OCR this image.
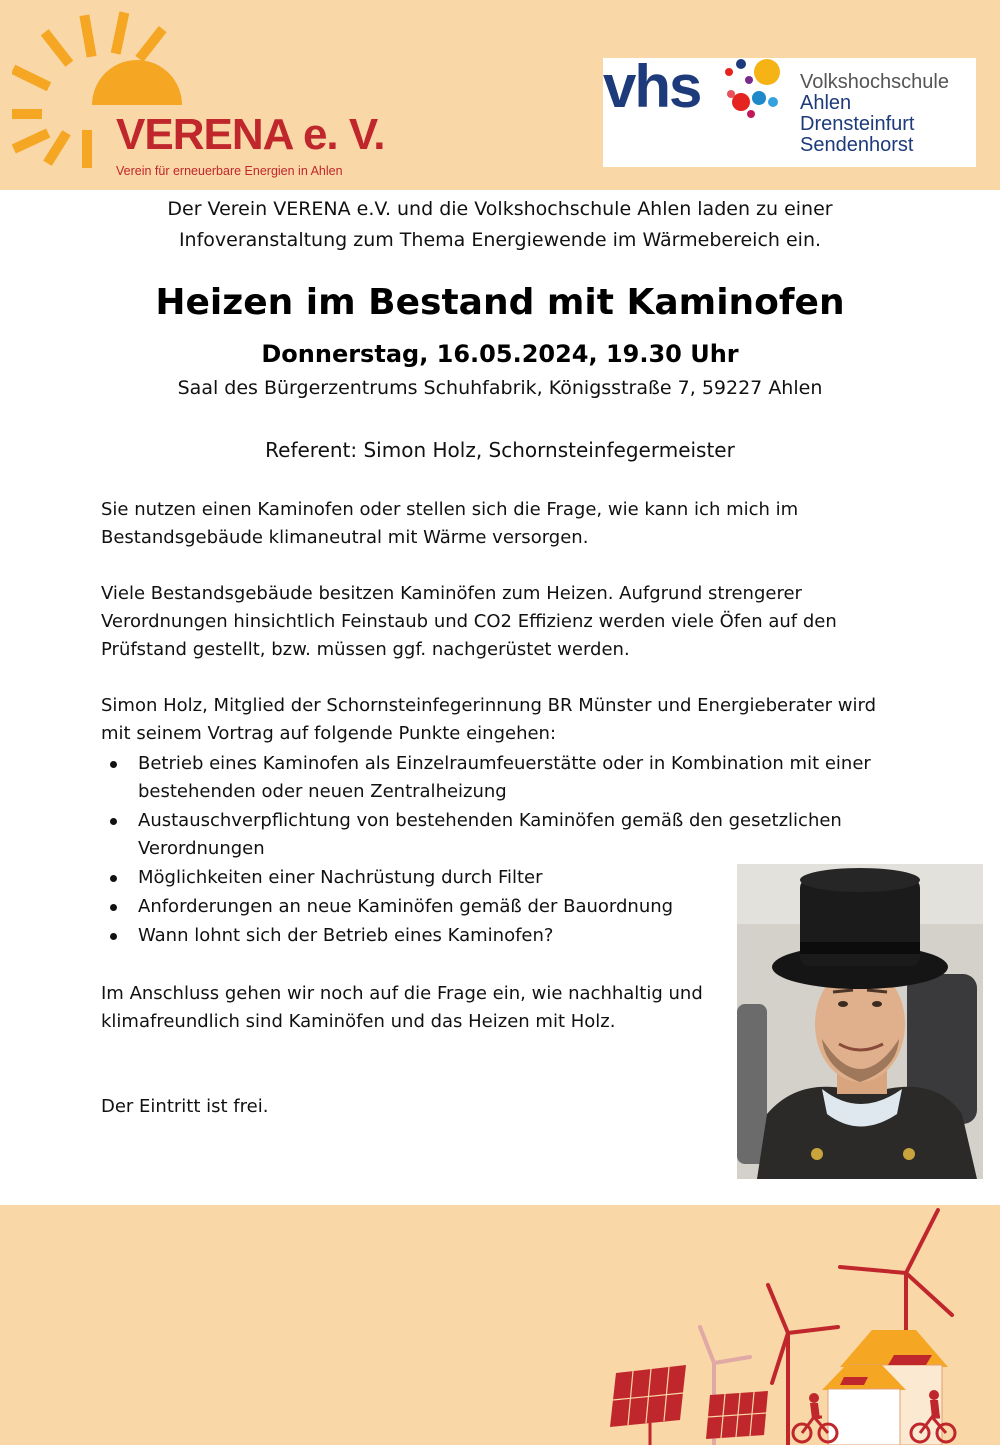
VERENA e. V.
Verein für erneuerbare Energien in Ahlen
vhs	Volkshochschule
Ahlen
Drensteinfurt
Sendenhorst
Der Verein VERENA e.V. und die Volkshochschule Ahlen laden zu einer
Infoveranstaltung zum Thema Energiewende im Wärmebereich ein.
Heizen im Bestand mit Kaminofen
Donnerstag, 16.05.2024, 19.30 Uhr
Saal des Bürgerzentrums Schuhfabrik, Königsstraße 7, 59227 Ahlen
Referent: Simon Holz, Schornsteinfegermeister
Sie nutzen einen Kaminofen oder stellen sich die Frage, wie kann ich mich im Bestandsgebäude klimaneutral mit Wärme versorgen.
Viele Bestandsgebäude besitzen Kaminöfen zum Heizen. Aufgrund strengerer Verordnungen hinsichtlich Feinstaub und CO2 Effizienz werden viele Öfen auf den Prüfstand gestellt, bzw. müssen ggf. nachgerüstet werden.
Simon Holz, Mitglied der Schornsteinfegerinnung BR Münster und Energieberater wird mit seinem Vortrag auf folgende Punkte eingehen:
Betrieb eines Kaminofen als Einzelraumfeuerstätte oder in Kombination mit einer bestehenden oder neuen Zentralheizung
Austauschverpflichtung von bestehenden Kaminöfen gemäß den gesetzlichen Verordnungen
Möglichkeiten einer Nachrüstung durch Filter
Anforderungen an neue Kaminöfen gemäß der Bauordnung
Wann lohnt sich der Betrieb eines Kaminofen?
Im Anschluss gehen wir noch auf die Frage ein, wie nachhaltig und klimafreundlich sind Kaminöfen und das Heizen mit Holz.
Der Eintritt ist frei.
